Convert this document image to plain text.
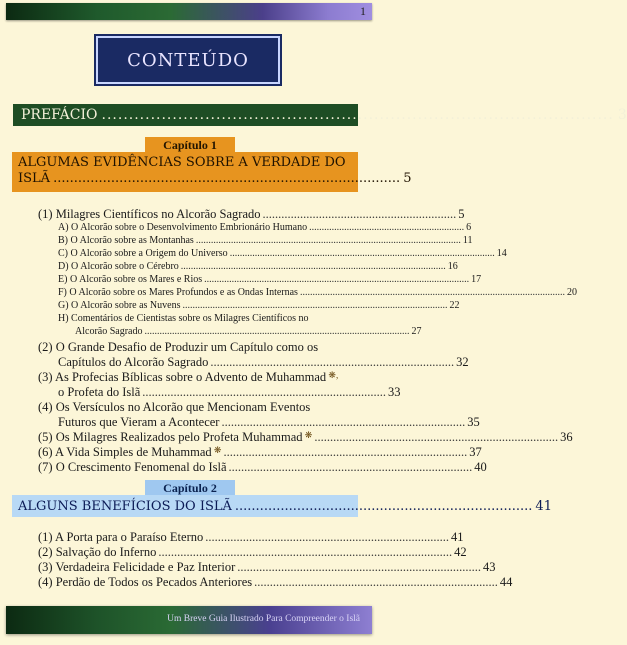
1
CONTEÚDO
PREFÁCIO .............................................................................................. 3
Capítulo 1
ALGUMAS EVIDÊNCIAS SOBRE A VERDADE DO
ISLÃ .................................................................................... 5
(1) Milagres Científicos no Alcorão Sagrado .............................................................. 5
A) O Alcorão sobre o Desenvolvimento Embrionário Humano .............................................................. 6
B) O Alcorão sobre as Montanhas .......................................................................................................... 11
C) O Alcorão sobre a Origem do Universo .......................................................................................................... 14
D) O Alcorão sobre o Cérebro .......................................................................................................... 16
E) O Alcorão sobre os Mares e Rios .......................................................................................................... 17
F) O Alcorão sobre os Mares Profundos e as Ondas Internas .......................................................................................................... 20
G) O Alcorão sobre as Nuvens .......................................................................................................... 22
H) Comentários de Cientistas sobre os Milagres Científicos no
Alcorão Sagrado .......................................................................................................... 27
(2) O Grande Desafio de Produzir um Capítulo como os
Capítulos do Alcorão Sagrado .............................................................................. 32
(3) As Profecias Bíblicas sobre o Advento de Muhammad ❋,
o Profeta do Islã .............................................................................. 33
(4) Os Versículos no Alcorão que Mencionam Eventos
Futuros que Vieram a Acontecer .............................................................................. 35
(5) Os Milagres Realizados pelo Profeta Muhammad ❋ .............................................................................. 36
(6) A Vida Simples de Muhammad ❋ .............................................................................. 37
(7) O Crescimento Fenomenal do Islã .............................................................................. 40
Capítulo 2
ALGUNS BENEFÍCIOS DO ISLÃ ........................................................................ 41
(1) A Porta para o Paraíso Eterno .............................................................................. 41
(2) Salvação do Inferno .............................................................................................. 42
(3) Verdadeira Felicidade e Paz Interior .............................................................................. 43
(4) Perdão de Todos os Pecados Anteriores .............................................................................. 44
Um Breve Guia Ilustrado Para Compreender o Islã
